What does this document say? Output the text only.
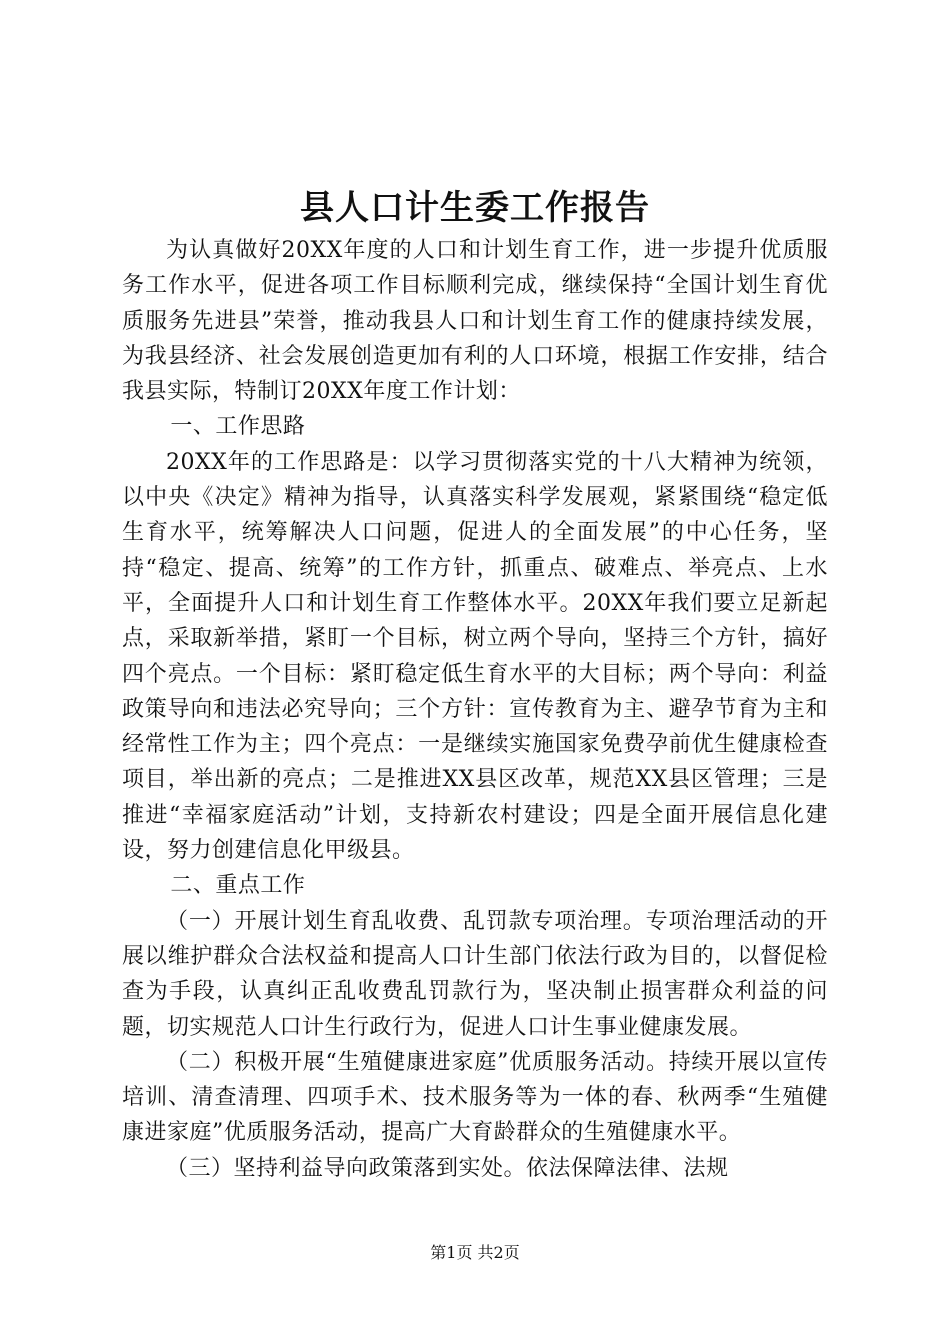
县人口计生委工作报告

为认真做好20XX年度的人口和计划生育工作，进一步提升优质服务工作水平，促进各项工作目标顺利完成，继续保持“全国计划生育优质服务先进县”荣誉，推动我县人口和计划生育工作的健康持续发展，为我县经济、社会发展创造更加有利的人口环境，根据工作安排，结合我县实际，特制订20XX年度工作计划：

一、工作思路

20XX年的工作思路是：以学习贯彻落实党的十八大精神为统领，以中央《决定》精神为指导，认真落实科学发展观，紧紧围绕“稳定低生育水平，统筹解决人口问题，促进人的全面发展”的中心任务，坚持“稳定、提高、统筹”的工作方针，抓重点、破难点、举亮点、上水平，全面提升人口和计划生育工作整体水平。20XX年我们要立足新起点，采取新举措，紧盯一个目标，树立两个导向，坚持三个方针，搞好四个亮点。一个目标：紧盯稳定低生育水平的大目标；两个导向：利益政策导向和违法必究导向；三个方针：宣传教育为主、避孕节育为主和经常性工作为主；四个亮点：一是继续实施国家免费孕前优生健康检查项目，举出新的亮点；二是推进XX县区改革，规范XX县区管理；三是推进“幸福家庭活动”计划，支持新农村建设；四是全面开展信息化建设，努力创建信息化甲级县。

二、重点工作

（一）开展计划生育乱收费、乱罚款专项治理。专项治理活动的开展以维护群众合法权益和提高人口计生部门依法行政为目的，以督促检查为手段，认真纠正乱收费乱罚款行为，坚决制止损害群众利益的问题，切实规范人口计生行政行为，促进人口计生事业健康发展。

（二）积极开展“生殖健康进家庭”优质服务活动。持续开展以宣传培训、清查清理、四项手术、技术服务等为一体的春、秋两季“生殖健康进家庭”优质服务活动，提高广大育龄群众的生殖健康水平。

（三）坚持利益导向政策落到实处。依法保障法律、法规

第1页 共2页
